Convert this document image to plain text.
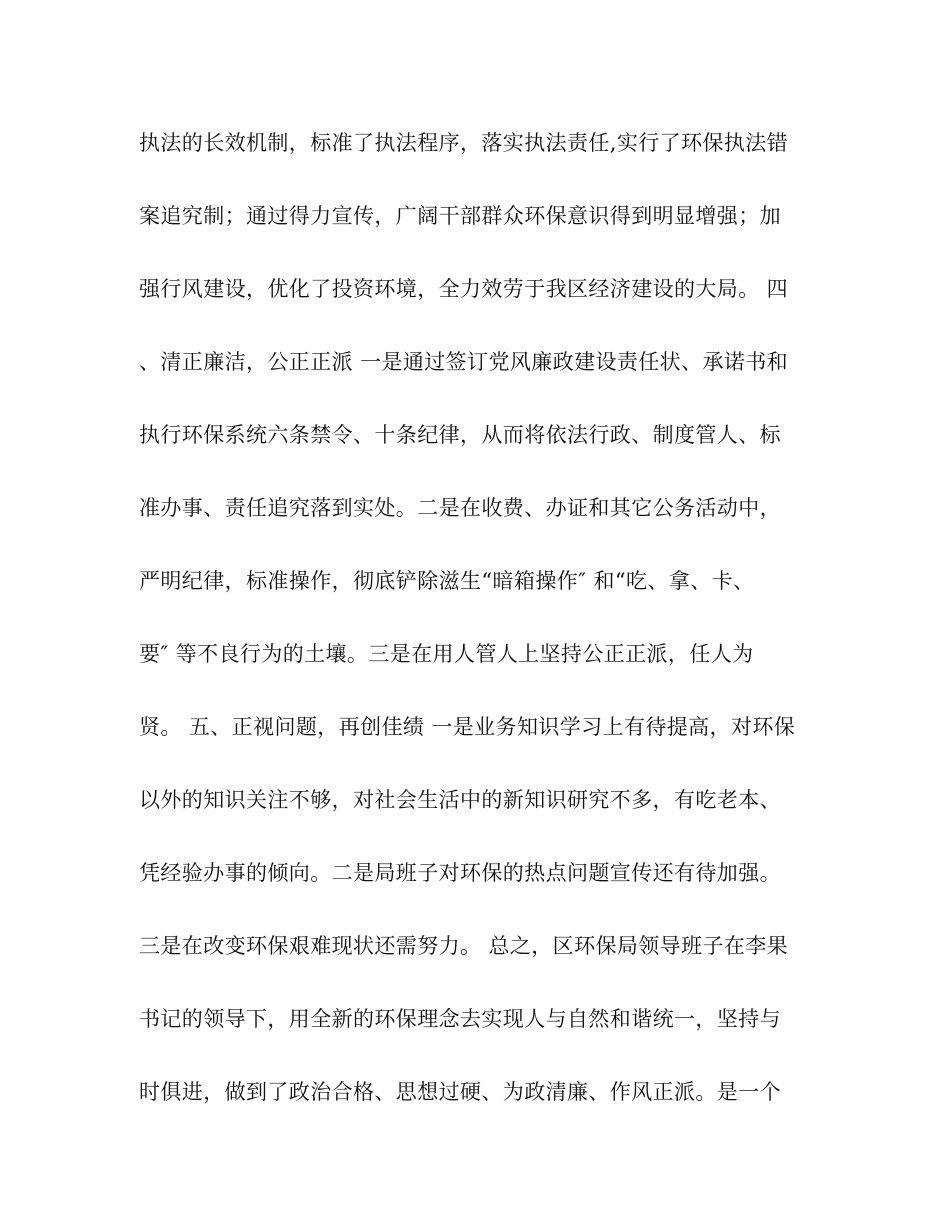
执法的长效机制，标准了执法程序，落实执法责任,实行了环保执法错
案追究制；通过得力宣传，广阔干部群众环保意识得到明显增强；加
强行风建设，优化了投资环境，全力效劳于我区经济建设的大局。 四
、清正廉洁，公正正派 一是通过签订党风廉政建设责任状、承诺书和
执行环保系统六条禁令、十条纪律，从而将依法行政、制度管人、标
准办事、责任追究落到实处。二是在收费、办证和其它公务活动中，
严明纪律，标准操作，彻底铲除滋生“暗箱操作″ 和“吃、拿、卡、
要″ 等不良行为的土壤。三是在用人管人上坚持公正正派，任人为
贤。 五、正视问题，再创佳绩 一是业务知识学习上有待提高，对环保
以外的知识关注不够，对社会生活中的新知识研究不多，有吃老本、
凭经验办事的倾向。二是局班子对环保的热点问题宣传还有待加强。
三是在改变环保艰难现状还需努力。 总之，区环保局领导班子在李果
书记的领导下，用全新的环保理念去实现人与自然和谐统一，坚持与
时俱进，做到了政治合格、思想过硬、为政清廉、作风正派。是一个
